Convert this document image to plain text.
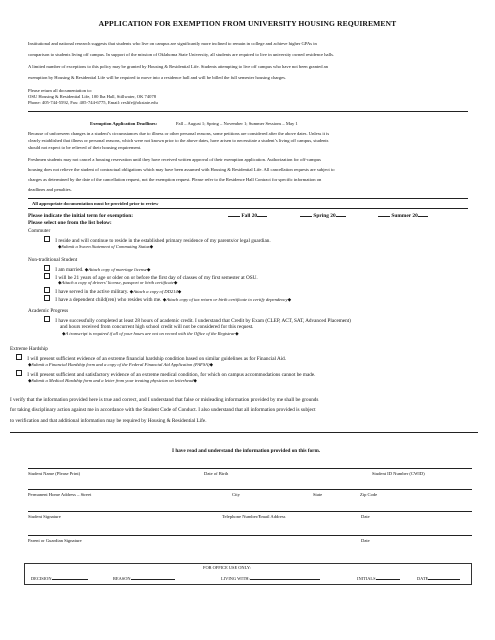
APPLICATION FOR EXEMPTION FROM UNIVERSITY HOUSING REQUIREMENT
Institutional and national research suggests that students who live on campus are significantly more inclined to remain in college and achieve higher GPAs in
comparison to students living off campus. In support of the mission of Oklahoma State University, all students are required to live in university owned residence halls.
A limited number of exceptions to this policy may be granted by Housing & Residential Life. Students attempting to live off campus who have not been granted an
exemption by Housing & Residential Life will be required to move into a residence hall and will be billed the full semester housing charges.
Please return all documentation to:
OSU Housing & Residential Life, 100 Iba Hall, Stillwater, OK 74078
Phone: 405-744-5592, Fax: 405-744-6775, Email: reslife@okstate.edu
Exemption Application Deadlines:	Fall – August 1; Spring – November 1; Summer Sessions – May 1
Because of unforeseen changes in a student’s circumstances due to illness or other personal reasons, some petitions are considered after the above dates. Unless it is
clearly established that illness or personal reasons, which were not known prior to the above dates, have arisen to necessitate a student’s living off campus, students
should not expect to be relieved of their housing requirement.
Freshmen students may not cancel a housing reservation until they have received written approval of their exemption application. Authorization for off-campus
housing does not relieve the student of contractual obligations which may have been assumed with Housing & Residential Life. All cancellation requests are subject to
charges as determined by the date of the cancellation request, not the exemption request. Please refer to the Residence Hall Contract for specific information on
deadlines and penalties.
All appropriate documentation must be provided prior to review
Please indicate the initial term for exemption:	Fall 20	Spring 20	Summer 20
Please select one from the list below:
Commuter
I reside and will continue to reside in the established primary residence of my parents/or legal guardian.
◆Submit a Sworn Statement of Commuting Status◆
Non-traditional Student
I am married. ◆Attach copy of marriage license◆
I will be 21 years of age or older on or before the first day of classes of my first semester at OSU.
◆Attach a copy of drivers’ license, passport or birth certificate◆
I have served in the active military. ◆Attach a copy of DD214◆
I have a dependent child(ren) who resides with me. ◆Attach copy of tax return or birth certificate to certify dependency◆
Academic Progress
I have successfully completed at least 28 hours of academic credit. I understand that Credit by Exam (CLEP, ACT, SAT, Advanced Placement)
and hours received from concurrent high school credit will not be considered for this request.
◆A transcript is required if all of your hours are not on record with the Office of the Registrar◆
Extreme Hardship
I will present sufficient evidence of an extreme financial hardship condition based on similar guidelines as for Financial Aid.
◆Submit a Financial Hardship form and a copy of the Federal Financial Aid Application (FAFSA)◆
I will present sufficient and satisfactory evidence of an extreme medical condition, for which on campus accommodations cannot be made.
◆Submit a Medical Hardship form and a letter from your treating physician on letterhead◆
I verify that the information provided here is true and correct, and I understand that false or misleading information provided by me shall be grounds
for taking disciplinary action against me in accordance with the Student Code of Conduct. I also understand that all information provided is subject
to verification and that additional information may be required by Housing & Residential Life.
I have read and understand the information provided on this form.
Student Name (Please Print)	Date of Birth	Student ID Number (CWID)
Permanent Home Address – Street	City	State	Zip Code
Student Signature	Telephone Number/Email Address	Date
Parent or Guardian Signature	Date
FOR OFFICE USE ONLY:
DECISION	REASON	LIVING WITH:	INITIALS	DATE
